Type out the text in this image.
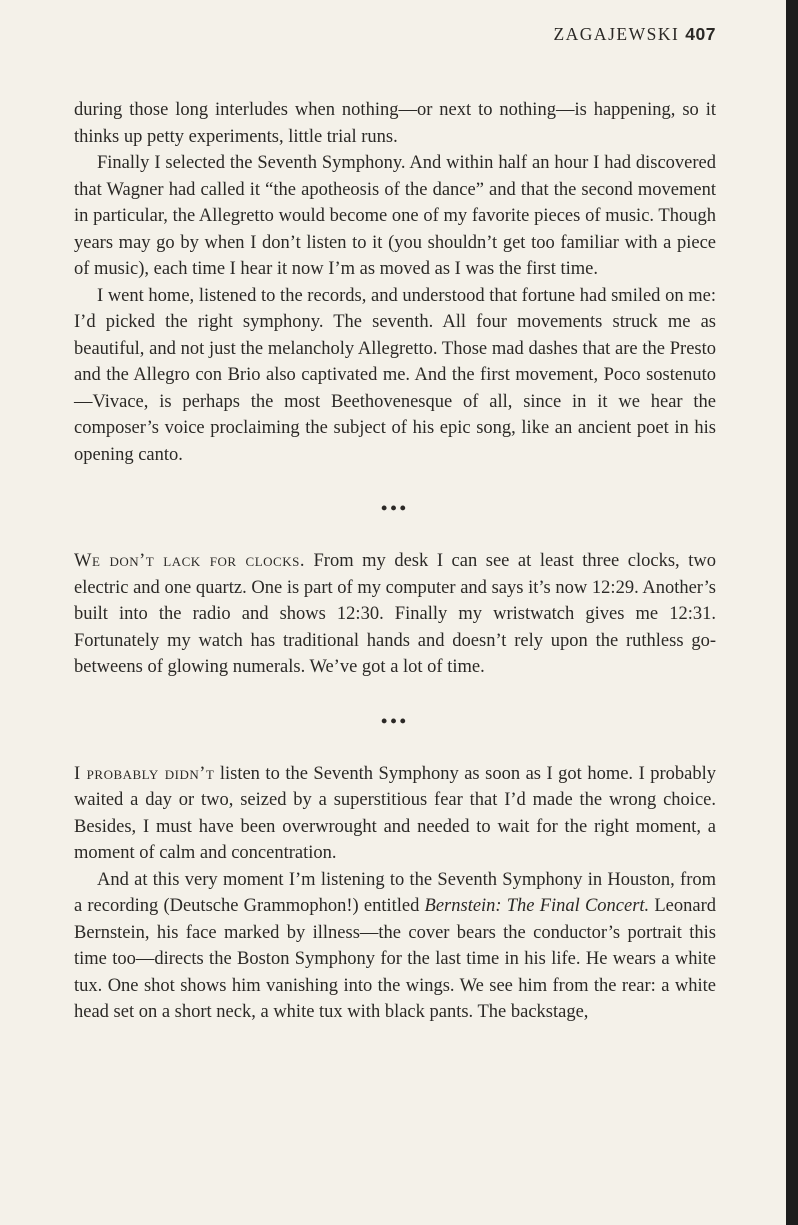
ZAGAJEWSKI 407

during those long interludes when nothing—or next to nothing—is happening, so it thinks up petty experiments, little trial runs.

Finally I selected the Seventh Symphony. And within half an hour I had discovered that Wagner had called it “the apotheosis of the dance” and that the second movement in particular, the Allegretto would become one of my favorite pieces of music. Though years may go by when I don’t listen to it (you shouldn’t get too familiar with a piece of music), each time I hear it now I’m as moved as I was the first time.

I went home, listened to the records, and understood that fortune had smiled on me: I’d picked the right symphony. The seventh. All four movements struck me as beautiful, and not just the melancholy Allegretto. Those mad dashes that are the Presto and the Allegro con Brio also captivated me. And the first movement, Poco sostenuto—Vivace, is perhaps the most Beethovenesque of all, since in it we hear the composer’s voice proclaiming the subject of his epic song, like an ancient poet in his opening canto.

•••

We don’t lack for clocks. From my desk I can see at least three clocks, two electric and one quartz. One is part of my computer and says it’s now 12:29. Another’s built into the radio and shows 12:30. Finally my wristwatch gives me 12:31. Fortunately my watch has traditional hands and doesn’t rely upon the ruthless go-betweens of glowing numerals. We’ve got a lot of time.

•••

I probably didn’t listen to the Seventh Symphony as soon as I got home. I probably waited a day or two, seized by a superstitious fear that I’d made the wrong choice. Besides, I must have been overwrought and needed to wait for the right moment, a moment of calm and concentration.

And at this very moment I’m listening to the Seventh Symphony in Houston, from a recording (Deutsche Grammophon!) entitled Bernstein: The Final Concert. Leonard Bernstein, his face marked by illness—the cover bears the conductor’s portrait this time too—directs the Boston Symphony for the last time in his life. He wears a white tux. One shot shows him vanishing into the wings. We see him from the rear: a white head set on a short neck, a white tux with black pants. The backstage,
